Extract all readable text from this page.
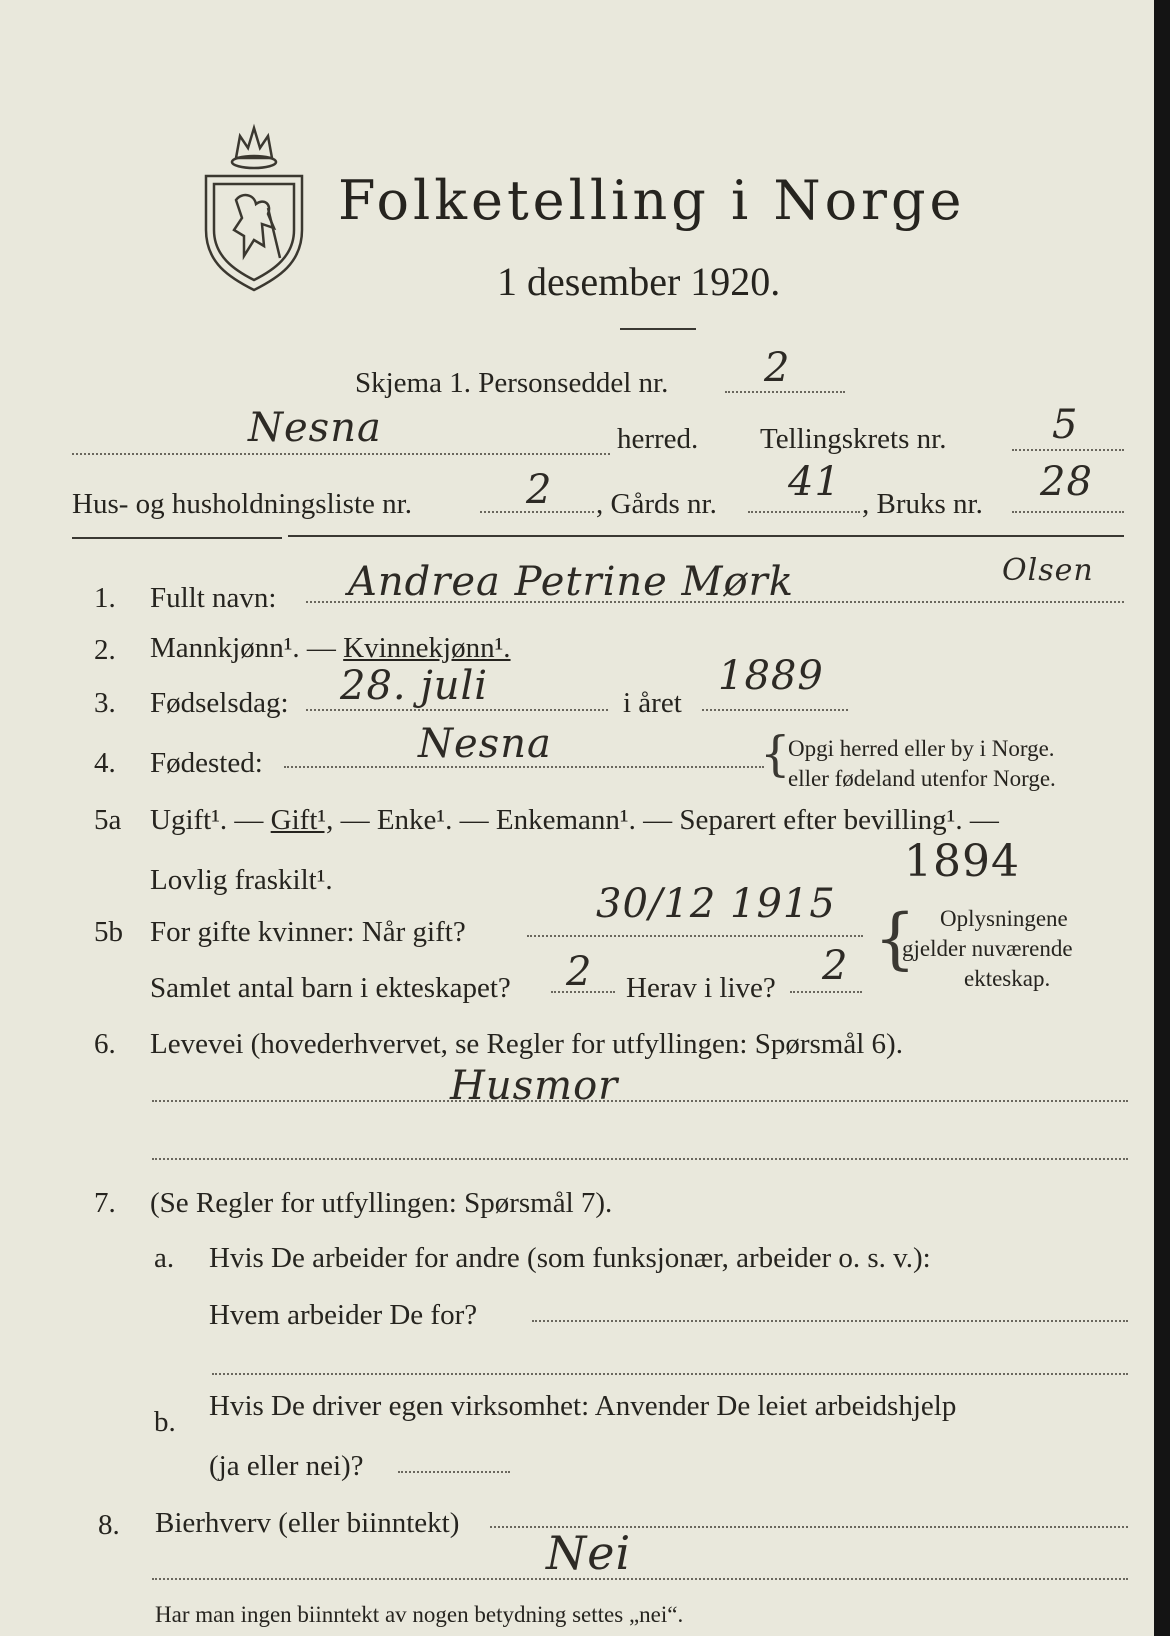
Folketelling i Norge
1 desember 1920.
Skjema 1. Personseddel nr. 2
Nesna	herred. Tellingskrets nr.	5
Hus- og husholdningsliste nr.	2 , Gårds nr. 41 , Bruks nr. 28
1. Fullt navn: Andrea Petrine Mørk	Olsen
2. Mannkjønn¹. — Kvinnekjønn¹.
3. Fødselsdag: 28. juli	i året
1889
4. Fødested:	Nesna	{
Opgi herred eller by i Norge.
eller fødeland utenfor Norge.
5a Ugift¹. — Gift¹, — Enke¹. — Enkemann¹. — Separert efter bevilling¹. —
Lovlig fraskilt¹.	1894
5b For gifte kvinner: Når gift?
30/12 1915
Samlet antal barn i ekteskapet? 2 Herav i live? 2 { Oplysningene
gjelder nuværende
ekteskap.
6. Levevei (hovederhvervet, se Regler for utfyllingen: Spørsmål 6).
Husmor
7. (Se Regler for utfyllingen: Spørsmål 7).
a. Hvis De arbeider for andre (som funksjonær, arbeider o. s. v.):
Hvem arbeider De for?
b. Hvis De driver egen virksomhet: Anvender De leiet arbeidshjelp
(ja eller nei)?
8. Bierhverv (eller biinntekt)
Nei
Har man ingen biinntekt av nogen betydning settes „nei“.
